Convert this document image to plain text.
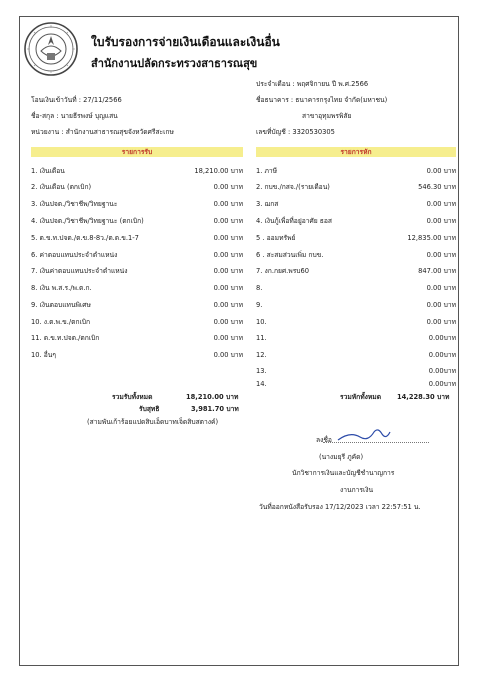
ใบรับรองการจ่ายเงินเดือนและเงินอื่น
สำนักงานปลัดกระทรวงสาธารณสุข
ประจำเดือน : พฤศจิกายน ปี พ.ศ.2566
โอนเงินเข้าวันที่ : 27/11/2566	ชื่อธนาคาร : ธนาคารกรุงไทย จำกัด(มหาชน)
ชื่อ-สกุล : นายธีรพงษ์ บุญแสน	สาขาอุทุมพรพิสัย
หน่วยงาน : สำนักงานสาธารณสุขจังหวัดศรีสะเกษ	เลขที่บัญชี : 3320530305
รายการรับ	รายการหัก
1. เงินเดือน	18,210.00 บาท
2. เงินเดือน (ตกเบิก)	0.00 บาท
3. เงินปจต./วิชาชีพ/วิทยฐานะ	0.00 บาท
4. เงินปจต./วิชาชีพ/วิทยฐานะ (ตกเบิก)	0.00 บาท
5. ต.ข.ท.ปจต./ต.ข.8-8ว./ต.ต.ข.1-7	0.00 บาท
6. ค่าตอบแทนประจำตำแหน่ง	0.00 บาท
7. เงินค่าตอบแทนประจำตำแหน่ง	0.00 บาท
8. เงิน พ.ส.ร./พ.ต.ก.	0.00 บาท
9. เงินตอบแทนพิเศษ	0.00 บาท
10. ง.ต.พ.ข./ตกเบิก	0.00 บาท
11. ต.ข.ท.ปจต./ตกเบิก	0.00 บาท
10. อื่นๆ	0.00 บาท
1. ภาษี	0.00 บาท
2. กบข./กสจ./(รายเดือน)	546.30 บาท
3. ฌกส	0.00 บาท
4. เงินกู้เพื่อที่อยู่อาศัย ธอส	0.00 บาท
5 . ออมทรัพย์	12,835.00 บาท
6 . สะสมส่วนเพิ่ม กบข.	0.00 บาท
7. งก.กยศ.พรบ60	847.00 บาท
8.	0.00 บาท
9.	0.00 บาท
10.	0.00 บาท
11.	0.00บาท
12.	0.00บาท
13.	0.00บาท
14.	0.00บาท
รวมรับทั้งหมด	18,210.00 บาท	รวมหักทั้งหมด 14,228.30 บาท
รับสุทธิ	3,981.70 บาท
(สามพันเก้าร้อยแปดสิบเอ็ดบาทเจ็ดสิบสตางค์)
ลงชื่อ
(นางมยุรี ภูคัด)
นักวิชาการเงินและบัญชีชำนาญการ
งานการเงิน
วันที่ออกหนังสือรับรอง 17/12/2023 เวลา 22:57:51 น.
